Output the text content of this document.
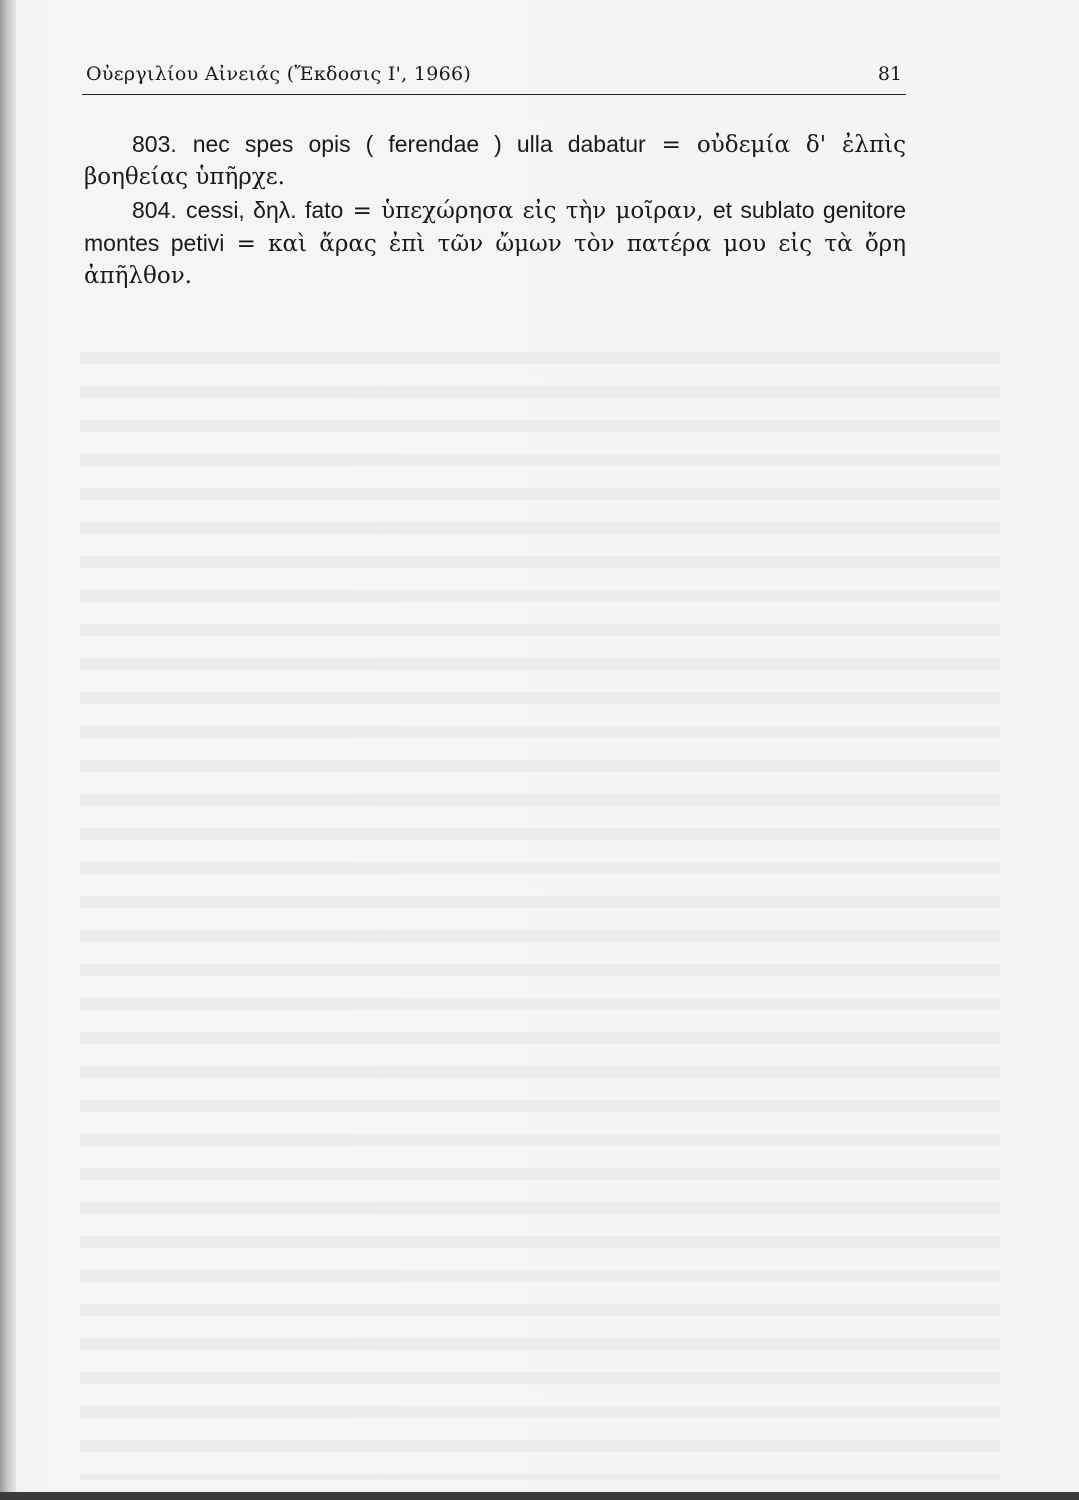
Οὐεργιλίου Αἰνειάς (Ἔκδοσις Ι', 1966)	81

803. nec spes opis ( ferendae ) ulla dabatur = οὐδεμία δ' ἐλπὶς βοηθείας ὑπῆρχε.

804. cessi, δηλ. fato = ὑπεχώρησα εἰς τὴν μοῖραν, et sublato genitore montes petivi = καὶ ἄρας ἐπὶ τῶν ὤμων τὸν πατέρα μου εἰς τὰ ὄρη ἀπῆλθον.
